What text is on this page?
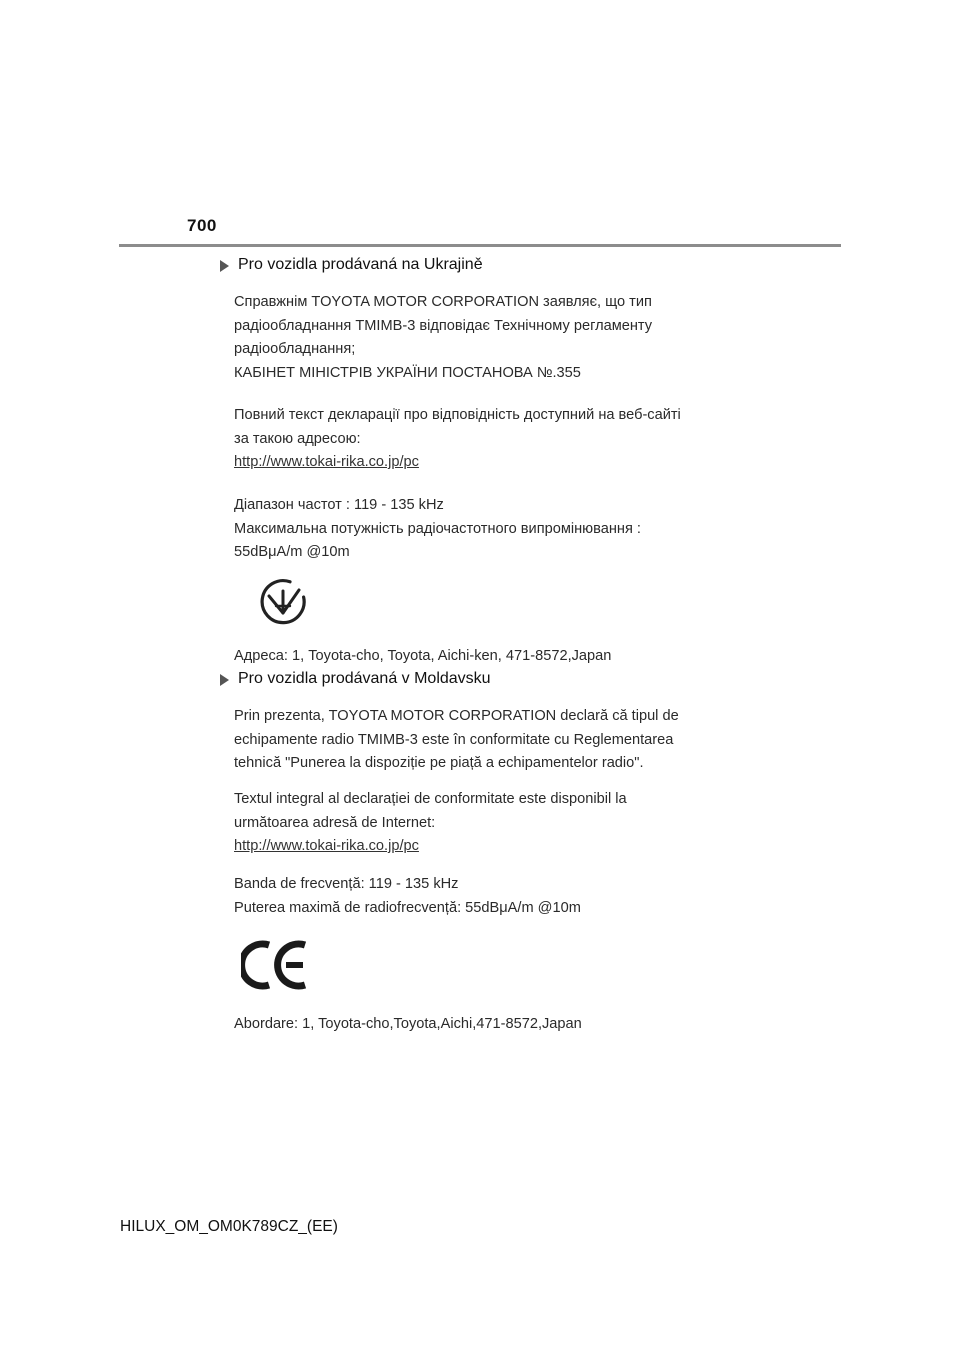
700
Pro vozidla prodávaná na Ukrajině
Справжнім TOYOTA MOTOR CORPORATION заявляє, що тип
радіообладнання TMIMB-3 відповідає Технічному регламенту
радіообладнання;
КАБІНЕТ МІНІСТРІВ УКРАЇНИ ПОСТАНОВА №.355
Повний текст декларації про відповідність доступний на веб-сайті
за такою адресою:
http://www.tokai-rika.co.jp/pc
Діапазон частот : 119 - 135 kHz
Максимальна потужність радіочастотного випромінювання :
55dBμA/m @10m
Адреса: 1, Toyota-cho, Toyota, Aichi-ken, 471-8572,Japan
Pro vozidla prodávaná v Moldavsku
Prin prezenta, TOYOTA MOTOR CORPORATION declară că tipul de
echipamente radio TMIMB-3 este în conformitate cu Reglementarea
tehnică "Punerea la dispoziție pe piață a echipamentelor radio".
Textul integral al declarației de conformitate este disponibil la
următoarea adresă de Internet:
http://www.tokai-rika.co.jp/pc
Banda de frecvență: 119 - 135 kHz
Puterea maximă de radiofrecvență: 55dBμA/m @10m
Abordare: 1, Toyota-cho,Toyota,Aichi,471-8572,Japan
HILUX_OM_OM0K789CZ_(EE)
